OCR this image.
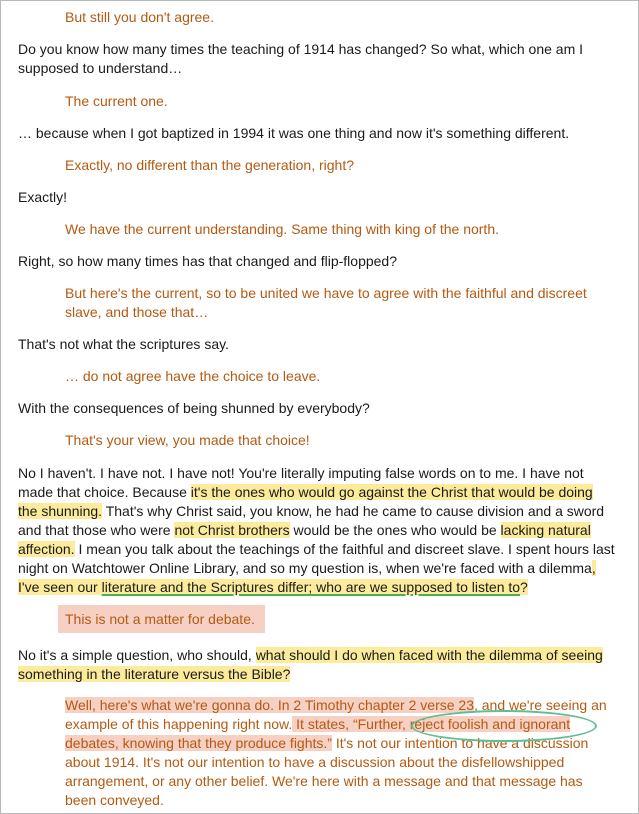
But still you don't agree.
Do you know how many times the teaching of 1914 has changed? So what, which one am I supposed to understand…
The current one.
… because when I got baptized in 1994 it was one thing and now it's something different.
Exactly, no different than the generation, right?
Exactly!
We have the current understanding. Same thing with king of the north.
Right, so how many times has that changed and flip-flopped?
But here's the current, so to be united we have to agree with the faithful and discreet slave, and those that…
That's not what the scriptures say.
… do not agree have the choice to leave.
With the consequences of being shunned by everybody?
That's your view, you made that choice!
No I haven't. I have not. I have not! You're literally imputing false words on to me. I have not made that choice. Because it's the ones who would go against the Christ that would be doing the shunning. That's why Christ said, you know, he had he came to cause division and a sword and that those who were not Christ brothers would be the ones who would be lacking natural affection. I mean you talk about the teachings of the faithful and discreet slave. I spent hours last night on Watchtower Online Library, and so my question is, when we're faced with a dilemma, I've seen our literature and the Scriptures differ; who are we supposed to listen to?
This is not a matter for debate.
No it's a simple question, who should, what should I do when faced with the dilemma of seeing something in the literature versus the Bible?
Well, here's what we're gonna do. In 2 Timothy chapter 2 verse 23, and we're seeing an example of this happening right now. It states, “Further, reject foolish and ignorant debates, knowing that they produce fights.” It's not our intention to have a discussion about 1914. It's not our intention to have a discussion about the disfellowshipped arrangement, or any other belief. We're here with a message and that message has been conveyed.
